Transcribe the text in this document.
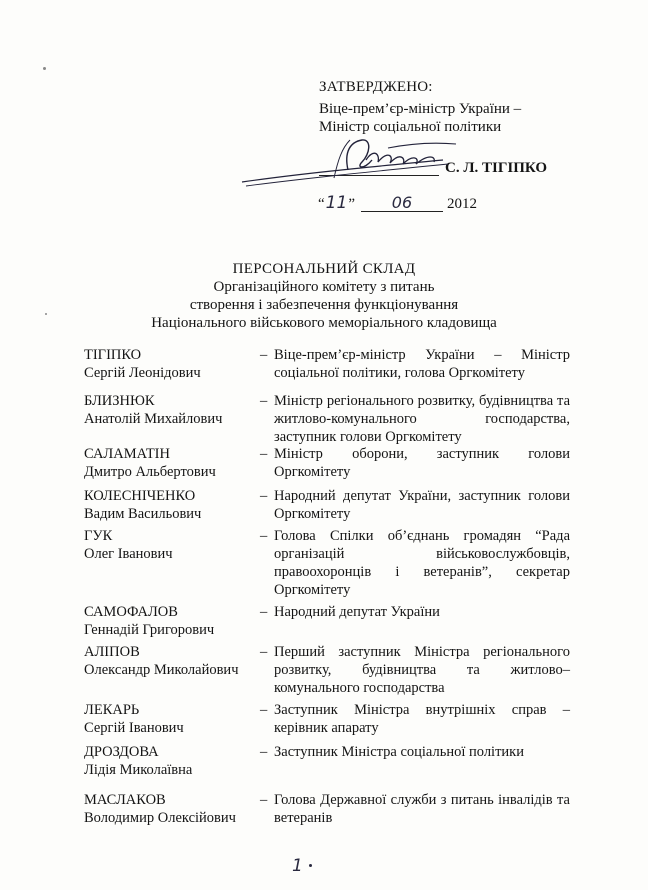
ЗАТВЕРДЖЕНО:
Віце-прем’єр-міністр України –
Міністр соціальної політики
С. Л. ТІГІПКО
“11” 06 2012
ПЕРСОНАЛЬНИЙ СКЛАД
Організаційного комітету з питань
створення і забезпечення функціонування
Національного військового меморіального кладовища
ТІГІПКО
Сергій Леонідович
– Віце-прем’єр-міністр України – Міністр соціальної політики, голова Оргкомітету
БЛИЗНЮК
Анатолій Михайлович
– Міністр регіонального розвитку, будівництва та житлово-комунального господарства, заступник голови Оргкомітету
САЛАМАТІН
Дмитро Альбертович
– Міністр оборони, заступник голови Оргкомітету
КОЛЕСНІЧЕНКО
Вадим Васильович
– Народний депутат України, заступник голови Оргкомітету
ГУК
Олег Іванович
– Голова Спілки об’єднань громадян “Рада організацій військовослужбовців, правоохоронців і ветеранів”, секретар Оргкомітету
САМОФАЛОВ
Геннадій Григорович
– Народний депутат України
АЛІПОВ
Олександр Миколайович
– Перший заступник Міністра регіонального розвитку, будівництва та житлово–комунального господарства
ЛЕКАРЬ
Сергій Іванович
– Заступник Міністра внутрішніх справ – керівник апарату
ДРОЗДОВА
Лідія Миколаївна
– Заступник Міністра соціальної політики
МАСЛАКОВ
Володимир Олексійович
– Голова Державної служби з питань інвалідів та ветеранів
1
